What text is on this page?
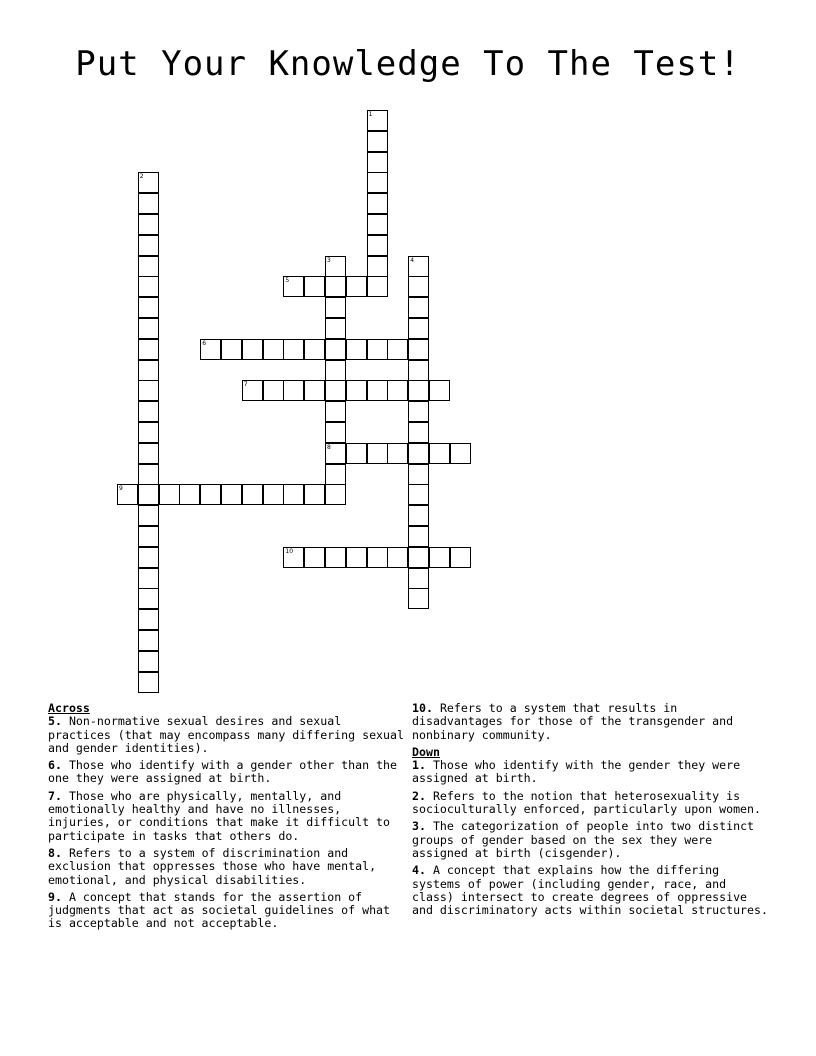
Put Your Knowledge To The Test!
1
2
3
8
4
5
6
7
9
10
Across
5. Non-normative sexual desires and sexual practices (that may encompass many differing sexual and gender identities).
6. Those who identify with a gender other than the one they were assigned at birth.
7. Those who are physically, mentally, and emotionally healthy and have no illnesses, injuries, or conditions that make it difficult to participate in tasks that others do.
8. Refers to a system of discrimination and exclusion that oppresses those who have mental, emotional, and physical disabilities.
9. A concept that stands for the assertion of judgments that act as societal guidelines of what is acceptable and not acceptable.
10. Refers to a system that results in disadvantages for those of the transgender and nonbinary community.
Down
1. Those who identify with the gender they were assigned at birth.
2. Refers to the notion that heterosexuality is socioculturally enforced, particularly upon women.
3. The categorization of people into two distinct groups of gender based on the sex they were assigned at birth (cisgender).
4. A concept that explains how the differing systems of power (including gender, race, and class) intersect to create degrees of oppressive and discriminatory acts within societal structures.
